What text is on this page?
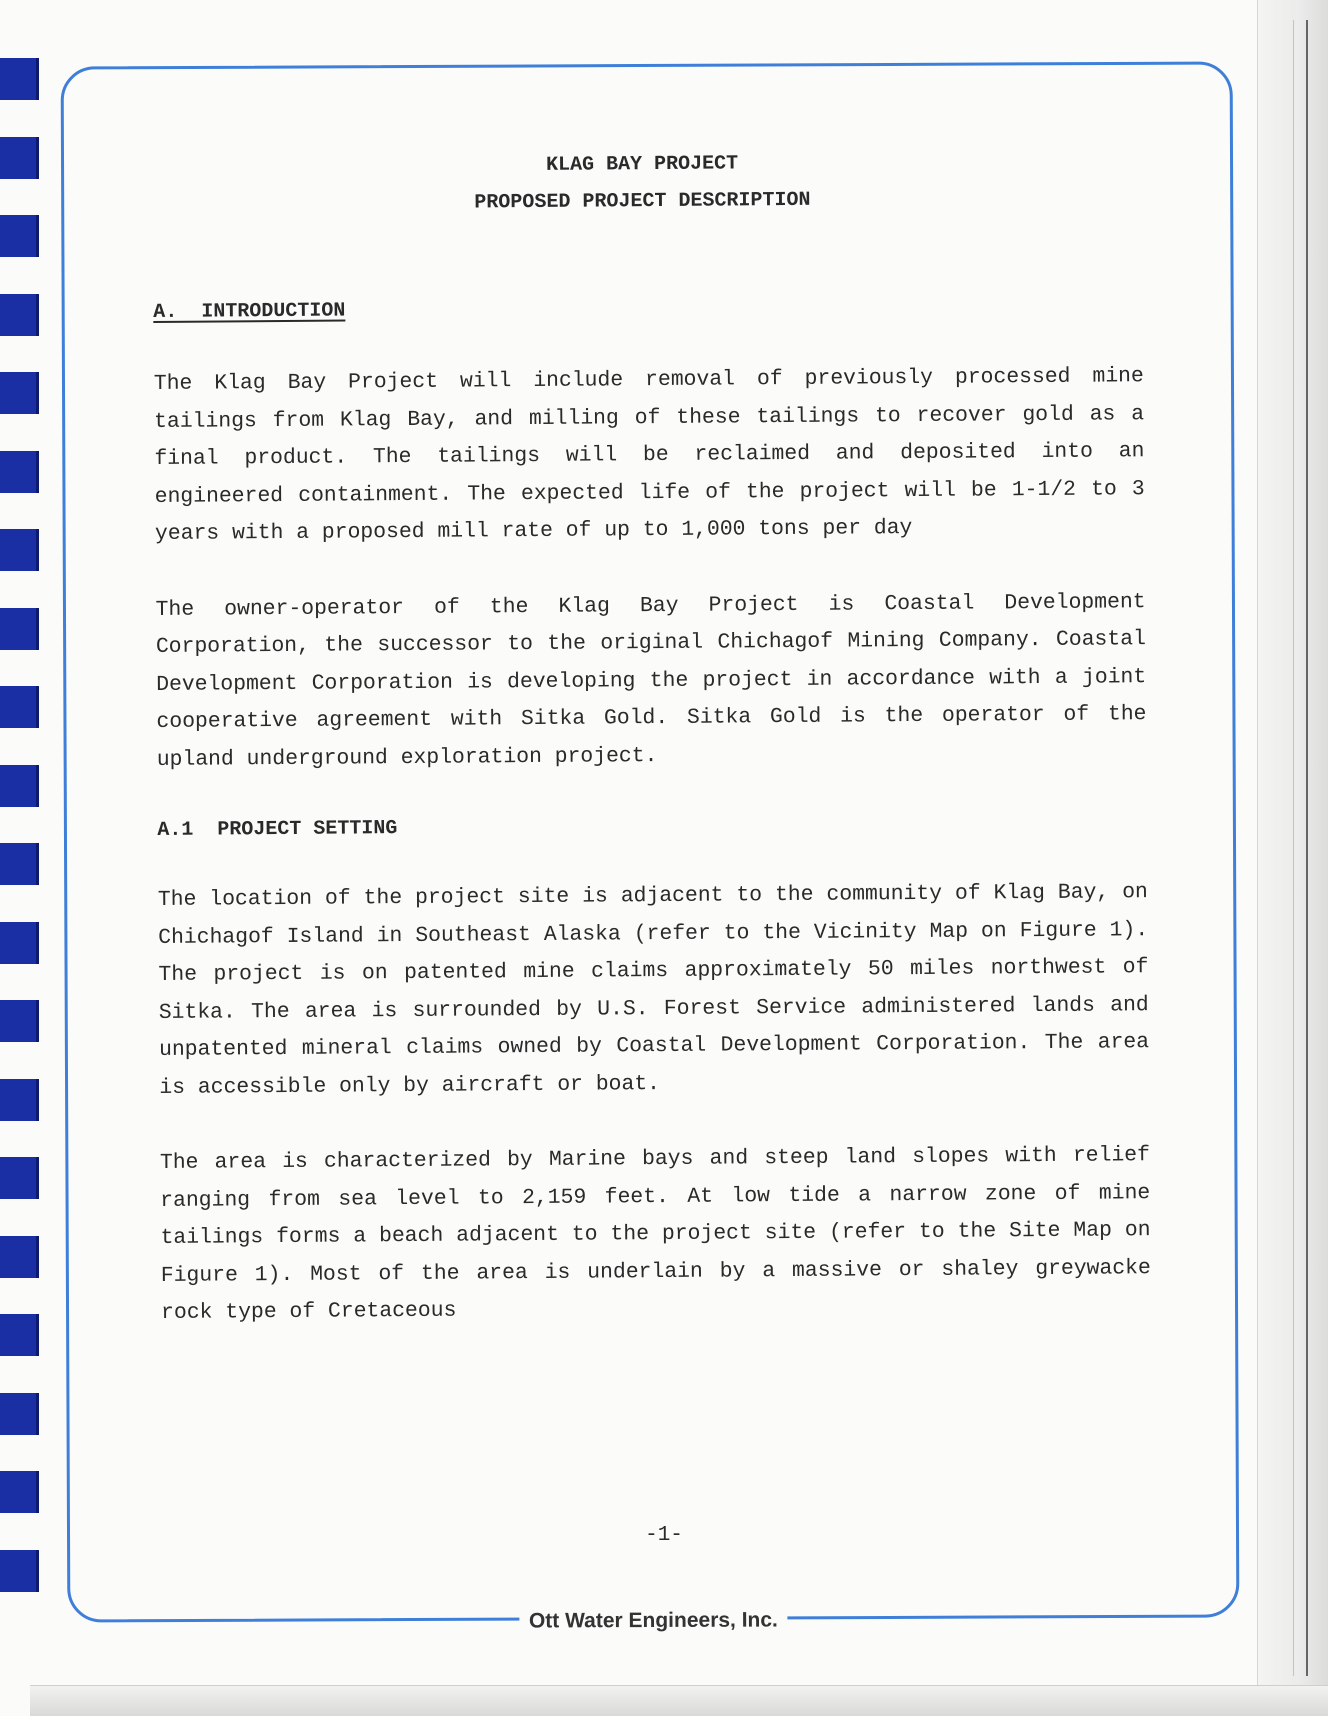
Ott Water Engineers, Inc.
KLAG BAY PROJECT
PROPOSED PROJECT DESCRIPTION

A.  INTRODUCTION

The Klag Bay Project will include removal of previously processed mine tailings from Klag Bay, and milling of these tailings to recover gold as a final product. The tailings will be reclaimed and deposited into an engineered containment. The expected life of the project will be 1-1/2 to 3 years with a proposed mill rate of up to 1,000 tons per day

The owner-operator of the Klag Bay Project is Coastal Development Corporation, the successor to the original Chichagof Mining Company. Coastal Development Corporation is developing the project in accordance with a joint cooperative agreement with Sitka Gold. Sitka Gold is the operator of the upland underground exploration project.

A.1  PROJECT SETTING

The location of the project site is adjacent to the community of Klag Bay, on Chichagof Island in Southeast Alaska (refer to the Vicinity Map on Figure 1). The project is on patented mine claims approximately 50 miles northwest of Sitka. The area is surrounded by U.S. Forest Service administered lands and unpatented mineral claims owned by Coastal Development Corporation. The area is accessible only by aircraft or boat.

The area is characterized by Marine bays and steep land slopes with relief ranging from sea level to 2,159 feet. At low tide a narrow zone of mine tailings forms a beach adjacent to the project site (refer to the Site Map on Figure 1). Most of the area is underlain by a massive or shaley greywacke rock type of Cretaceous

-1-
